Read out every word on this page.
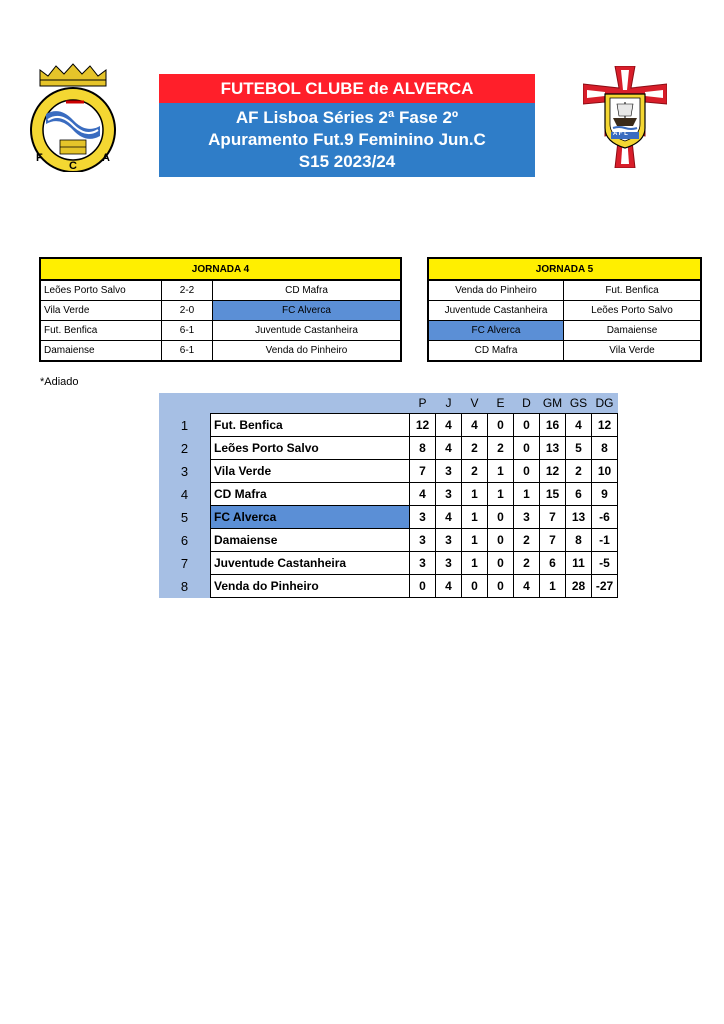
F	A
C
FUTEBOL CLUBE de ALVERCA
AF Lisboa Séries 2ª Fase 2º
Apuramento Fut.9 Feminino Jun.C
S15 2023/24
A F L
JORNADA 4		
Leões Porto Salvo	2-2	CD Mafra
Vila Verde	2-0	FC Alverca
Fut. Benfica	6-1	Juventude Castanheira
Damaiense	6-1	Venda do Pinheiro
JORNADA 5	
Venda do Pinheiro	Fut. Benfica
Juventude Castanheira	Leões Porto Salvo
FC Alverca	Damaiense
CD Mafra	Vila Verde
*Adiado
		P	J	V	E	D	GM	GS	DG
1	Fut. Benfica	12	4	4	0	0	16	4	12
2	Leões Porto Salvo	8	4	2	2	0	13	5	8
3	Vila Verde	7	3	2	1	0	12	2	10
4	CD Mafra	4	3	1	1	1	15	6	9
5	FC Alverca	3	4	1	0	3	7	13	-6
6	Damaiense	3	3	1	0	2	7	8	-1
7	Juventude Castanheira	3	3	1	0	2	6	11	-5
8	Venda do Pinheiro	0	4	0	0	4	1	28	-27
